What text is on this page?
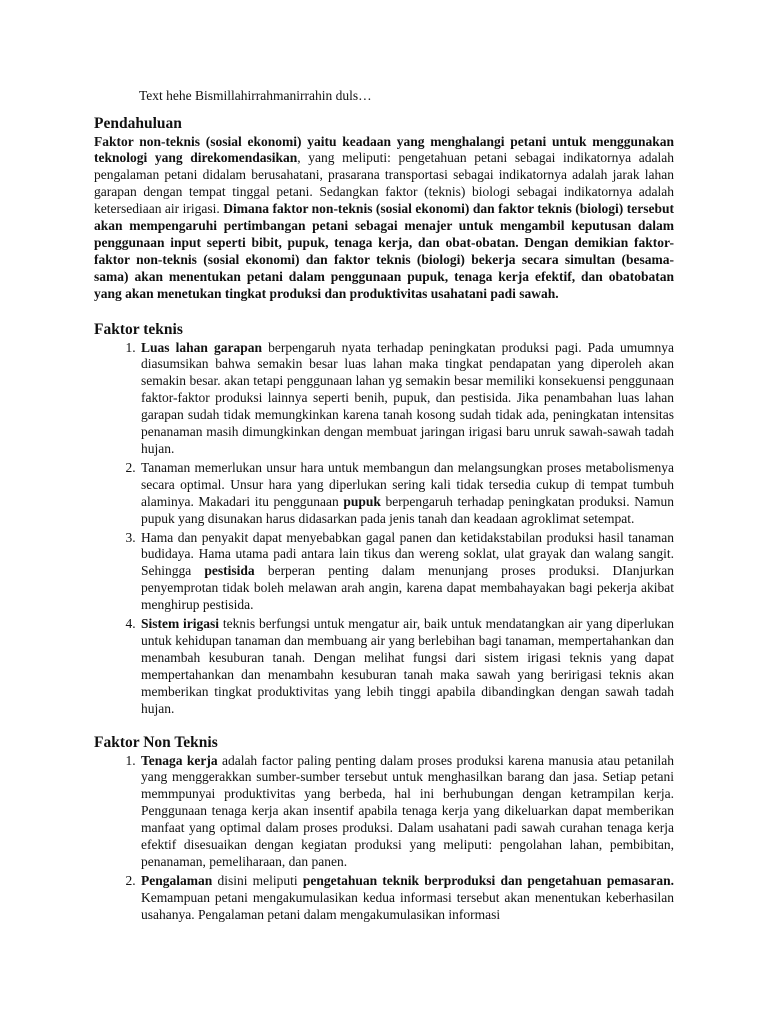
Text hehe Bismillahirrahmanirrahin duls…

Pendahuluan

Faktor non-teknis (sosial ekonomi) yaitu keadaan yang menghalangi petani untuk menggunakan teknologi yang direkomendasikan, yang meliputi: pengetahuan petani sebagai indikatornya adalah pengalaman petani didalam berusahatani, prasarana transportasi sebagai indikatornya adalah jarak lahan garapan dengan tempat tinggal petani. Sedangkan faktor (teknis) biologi sebagai indikatornya adalah ketersediaan air irigasi. Dimana faktor non-teknis (sosial ekonomi) dan faktor teknis (biologi) tersebut akan mempengaruhi pertimbangan petani sebagai menajer untuk mengambil keputusan dalam penggunaan input seperti bibit, pupuk, tenaga kerja, dan obat-obatan. Dengan demikian faktor-faktor non-teknis (sosial ekonomi) dan faktor teknis (biologi) bekerja secara simultan (besama-sama) akan menentukan petani dalam penggunaan pupuk, tenaga kerja efektif, dan obatobatan yang akan menetukan tingkat produksi dan produktivitas usahatani padi sawah.

Faktor teknis
1. Luas lahan garapan berpengaruh nyata terhadap peningkatan produksi pagi. Pada umumnya diasumsikan bahwa semakin besar luas lahan maka tingkat pendapatan yang diperoleh akan semakin besar. akan tetapi penggunaan lahan yg semakin besar memiliki konsekuensi penggunaan faktor-faktor produksi lainnya seperti benih, pupuk, dan pestisida. Jika penambahan luas lahan garapan sudah tidak memungkinkan karena tanah kosong sudah tidak ada, peningkatan intensitas penanaman masih dimungkinkan dengan membuat jaringan irigasi baru unruk sawah-sawah tadah hujan.
2. Tanaman memerlukan unsur hara untuk membangun dan melangsungkan proses metabolismenya secara optimal. Unsur hara yang diperlukan sering kali tidak tersedia cukup di tempat tumbuh alaminya. Makadari itu penggunaan pupuk berpengaruh terhadap peningkatan produksi. Namun pupuk yang disunakan harus didasarkan pada jenis tanah dan keadaan agroklimat setempat.
3. Hama dan penyakit dapat menyebabkan gagal panen dan ketidakstabilan produksi hasil tanaman budidaya. Hama utama padi antara lain tikus dan wereng soklat, ulat grayak dan walang sangit. Sehingga pestisida berperan penting dalam menunjang proses produksi. DIanjurkan penyemprotan tidak boleh melawan arah angin, karena dapat membahayakan bagi pekerja akibat menghirup pestisida.
4. Sistem irigasi teknis berfungsi untuk mengatur air, baik untuk mendatangkan air yang diperlukan untuk kehidupan tanaman dan membuang air yang berlebihan bagi tanaman, mempertahankan dan menambah kesuburan tanah. Dengan melihat fungsi dari sistem irigasi teknis yang dapat mempertahankan dan menambahn kesuburan tanah maka sawah yang beririgasi teknis akan memberikan tingkat produktivitas yang lebih tinggi apabila dibandingkan dengan sawah tadah hujan.
Faktor Non Teknis
1. Tenaga kerja adalah factor paling penting dalam proses produksi karena manusia atau petanilah yang menggerakkan sumber-sumber tersebut untuk menghasilkan barang dan jasa. Setiap petani memmpunyai produktivitas yang berbeda, hal ini berhubungan dengan ketrampilan kerja. Penggunaan tenaga kerja akan insentif apabila tenaga kerja yang dikeluarkan dapat memberikan manfaat yang optimal dalam proses produksi. Dalam usahatani padi sawah curahan tenaga kerja efektif disesuaikan dengan kegiatan produksi yang meliputi: pengolahan lahan, pembibitan, penanaman, pemeliharaan, dan panen.
2. Pengalaman disini meliputi pengetahuan teknik berproduksi dan pengetahuan pemasaran. Kemampuan petani mengakumulasikan kedua informasi tersebut akan menentukan keberhasilan usahanya. Pengalaman petani dalam mengakumulasikan informasi
